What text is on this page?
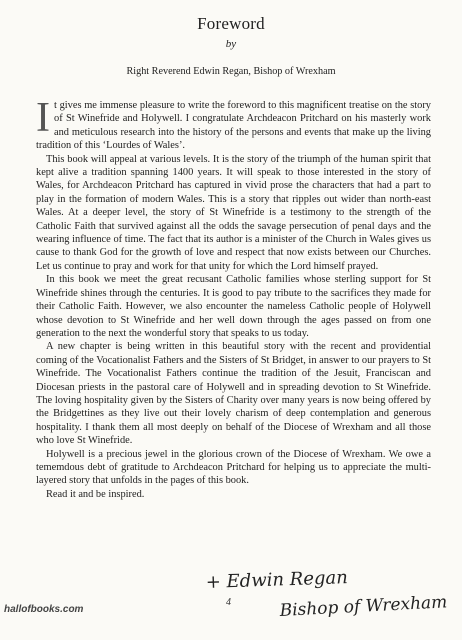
Foreword
by
Right Reverend Edwin Regan, Bishop of Wrexham

It gives me immense pleasure to write the foreword to this magnificent treatise on the story of St Winefride and Holywell. I congratulate Archdeacon Pritchard on his masterly work and meticulous research into the history of the persons and events that make up the living tradition of this ‘Lourdes of Wales’.

This book will appeal at various levels. It is the story of the triumph of the human spirit that kept alive a tradition spanning 1400 years. It will speak to those interested in the story of Wales, for Archdeacon Pritchard has captured in vivid prose the characters that had a part to play in the formation of modern Wales. This is a story that ripples out wider than north-east Wales. At a deeper level, the story of St Winefride is a testimony to the strength of the Catholic Faith that survived against all the odds the savage persecution of penal days and the wearing influence of time. The fact that its author is a minister of the Church in Wales gives us cause to thank God for the growth of love and respect that now exists between our Churches. Let us continue to pray and work for that unity for which the Lord himself prayed.

In this book we meet the great recusant Catholic families whose sterling support for St Winefride shines through the centuries. It is good to pay tribute to the sacrifices they made for their Catholic Faith. However, we also encounter the nameless Catholic people of Holywell whose devotion to St Winefride and her well down through the ages passed on from one generation to the next the wonderful story that speaks to us today.

A new chapter is being written in this beautiful story with the recent and providential coming of the Vocationalist Fathers and the Sisters of St Bridget, in answer to our prayers to St Winefride. The Vocationalist Fathers continue the tradition of the Jesuit, Franciscan and Diocesan priests in the pastoral care of Holywell and in spreading devotion to St Winefride. The loving hospitality given by the Sisters of Charity over many years is now being offered by the Bridgettines as they live out their lovely charism of deep contemplation and generous hospitality. I thank them all most deeply on behalf of the Diocese of Wrexham and all those who love St Winefride.

Holywell is a precious jewel in the glorious crown of the Diocese of Wrexham. We owe a tememdous debt of gratitude to Archdeacon Pritchard for helping us to appreciate the multi-layered story that unfolds in the pages of this book.

Read it and be inspired.

+ Edwin Regan
Bishop of Wrexham
4
hallofbooks.com
